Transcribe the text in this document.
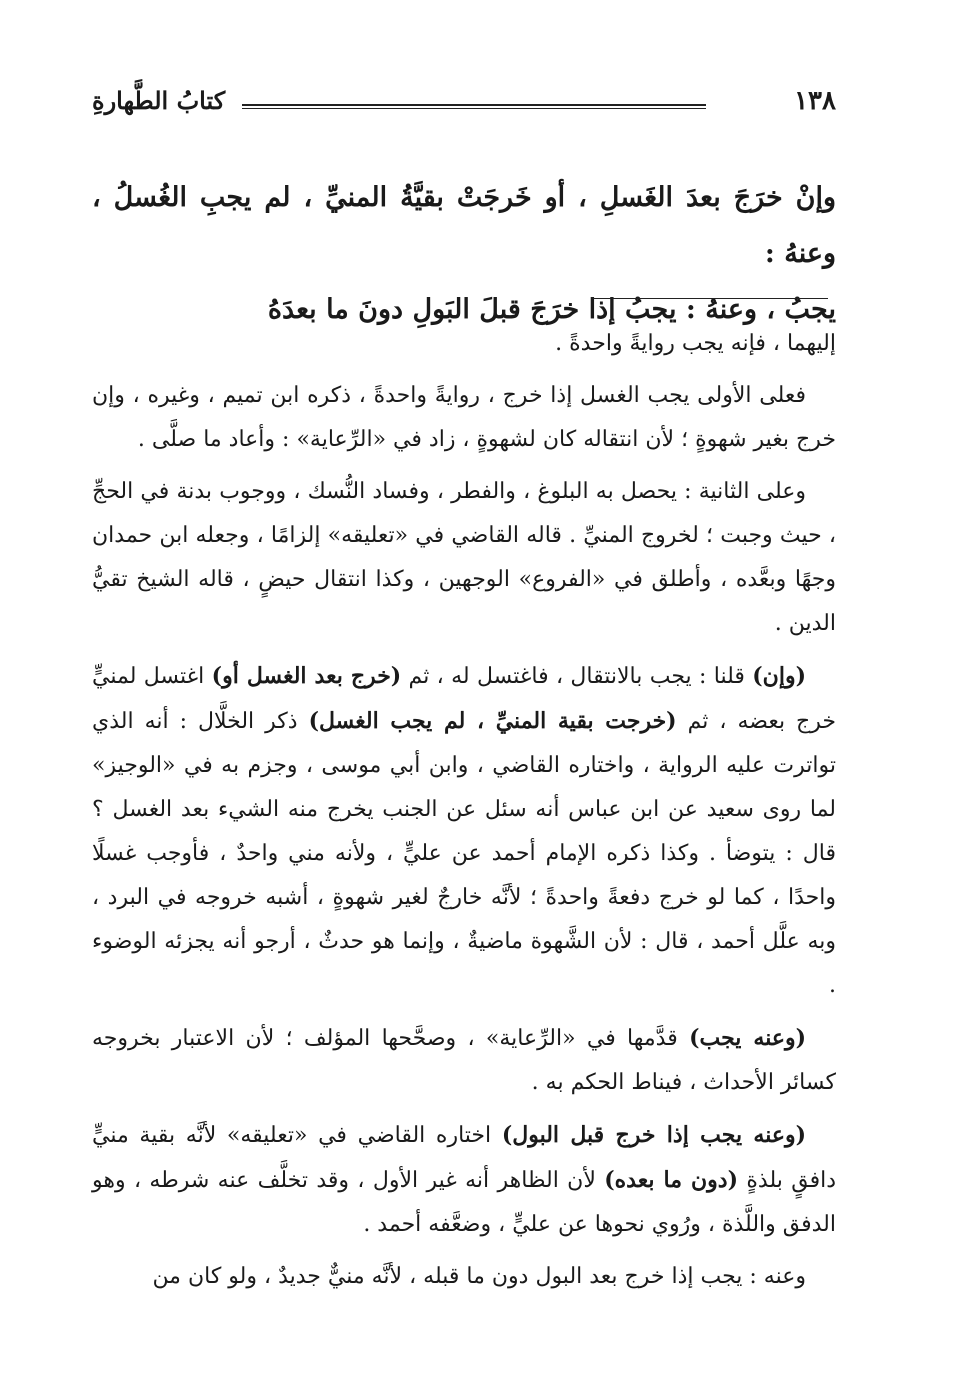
١٣٨
كتابُ الطَّهارةِ
وإنْ خرَجَ بعدَ الغَسلِ ، أو خَرجَتْ بقيَّةُ المنيِّ ، لم يجبِ الغُسلُ ، وعنهُ :
يجبُ ، وعنهُ : يجبُ إذا خرَجَ قبلَ البَولِ دونَ ما بعدَهُ

إليهما ، فإنه يجب روايةً واحدةً .

فعلى الأولى يجب الغسل إذا خرج ، روايةً واحدةً ، ذكره ابن تميم ، وغيره ، وإن خرج بغير شهوةٍ ؛ لأن انتقاله كان لشهوةٍ ، زاد في «الرِّعاية» : وأعاد ما صلَّى .

وعلى الثانية : يحصل به البلوغ ، والفطر ، وفساد النُّسك ، ووجوب بدنة في الحجِّ ، حيث وجبت ؛ لخروج المنيِّ . قاله القاضي في «تعليقه» إلزامًا ، وجعله ابن حمدان وجهًا وبعَّده ، وأطلق في «الفروع» الوجهين ، وكذا انتقال حيضٍ ، قاله الشيخ تقيُّ الدين .

(وإن) قلنا : يجب بالانتقال ، فاغتسل له ، ثم (خرج بعد الغسل أو) اغتسل لمنيٍّ خرج بعضه ، ثم (خرجت بقية المنيِّ ، لم يجب الغسل) ذكر الخلَّال : أنه الذي تواترت عليه الرواية ، واختاره القاضي ، وابن أبي موسى ، وجزم به في «الوجيز» لما روى سعيد عن ابن عباس أنه سئل عن الجنب يخرج منه الشيء بعد الغسل ؟ قال : يتوضأ . وكذا ذكره الإمام أحمد عن عليٍّ ، ولأنه مني واحدٌ ، فأوجب غسلًا واحدًا ، كما لو خرج دفعةً واحدةً ؛ لأنَّه خارجٌ لغير شهوةٍ ، أشبه خروجه في البرد ، وبه علَّل أحمد ، قال : لأن الشَّهوة ماضيةٌ ، وإنما هو حدثٌ ، أرجو أنه يجزئه الوضوء .

(وعنه يجب) قدَّمها في «الرِّعاية» ، وصحَّحها المؤلف ؛ لأن الاعتبار بخروجه كسائر الأحداث ، فيناط الحكم به .

(وعنه يجب إذا خرج قبل البول) اختاره القاضي في «تعليقه» لأنَّه بقية منيٍّ دافقٍ بلذةٍ (دون ما بعده) لأن الظاهر أنه غير الأول ، وقد تخلَّف عنه شرطه ، وهو الدفق واللَّذة ، ورُوي نحوها عن عليٍّ ، وضعَّفه أحمد .

وعنه : يجب إذا خرج بعد البول دون ما قبله ، لأنَّه منيٌّ جديدٌ ، ولو كان من
